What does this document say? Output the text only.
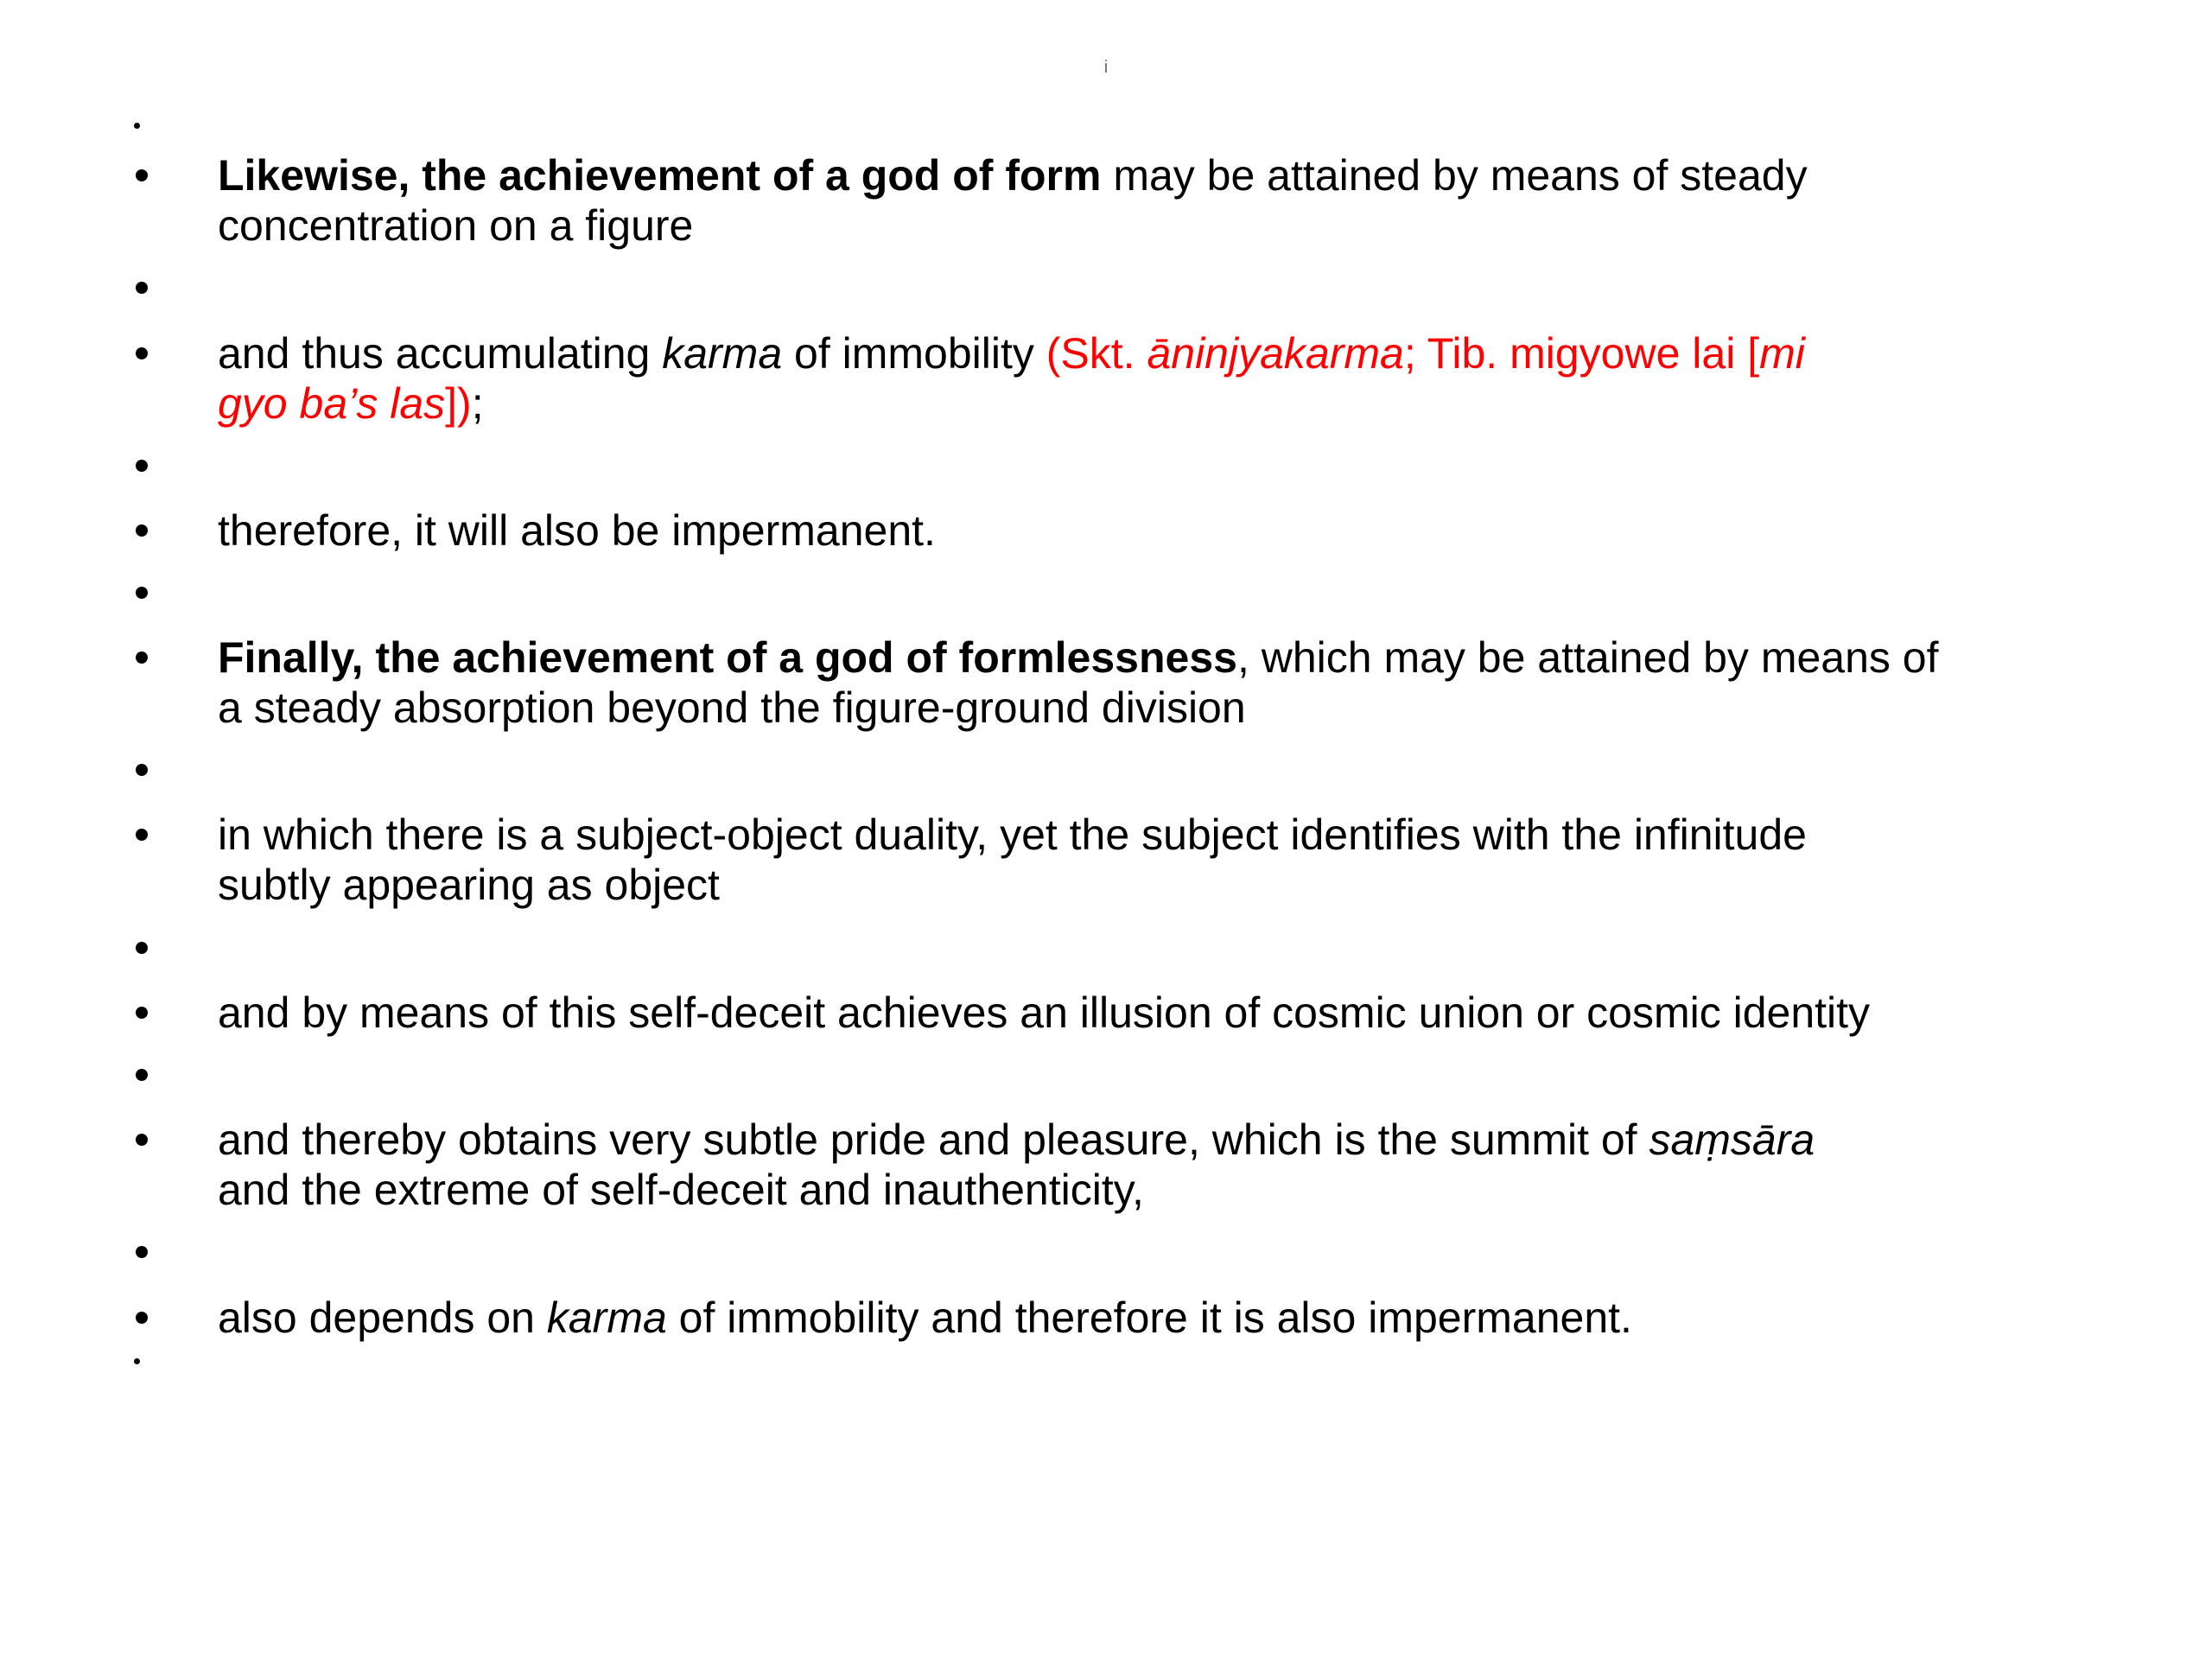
i
Likewise, the achievement of a god of form may be attained by means of steady
concentration on a figure
and thus accumulating karma of immobility (Skt. āninjyakarma; Tib. migyowe lai [mi
gyo ba’s las]);
therefore, it will also be impermanent.
Finally, the achievement of a god of formlessness, which may be attained by means of
a steady absorption beyond the figure-ground division
in which there is a subject-object duality, yet the subject identifies with the infinitude
subtly appearing as object
and by means of this self-deceit achieves an illusion of cosmic union or cosmic identity
and thereby obtains very subtle pride and pleasure, which is the summit of saṃsāra
and the extreme of self-deceit and inauthenticity,
also depends on karma of immobility and therefore it is also impermanent.
